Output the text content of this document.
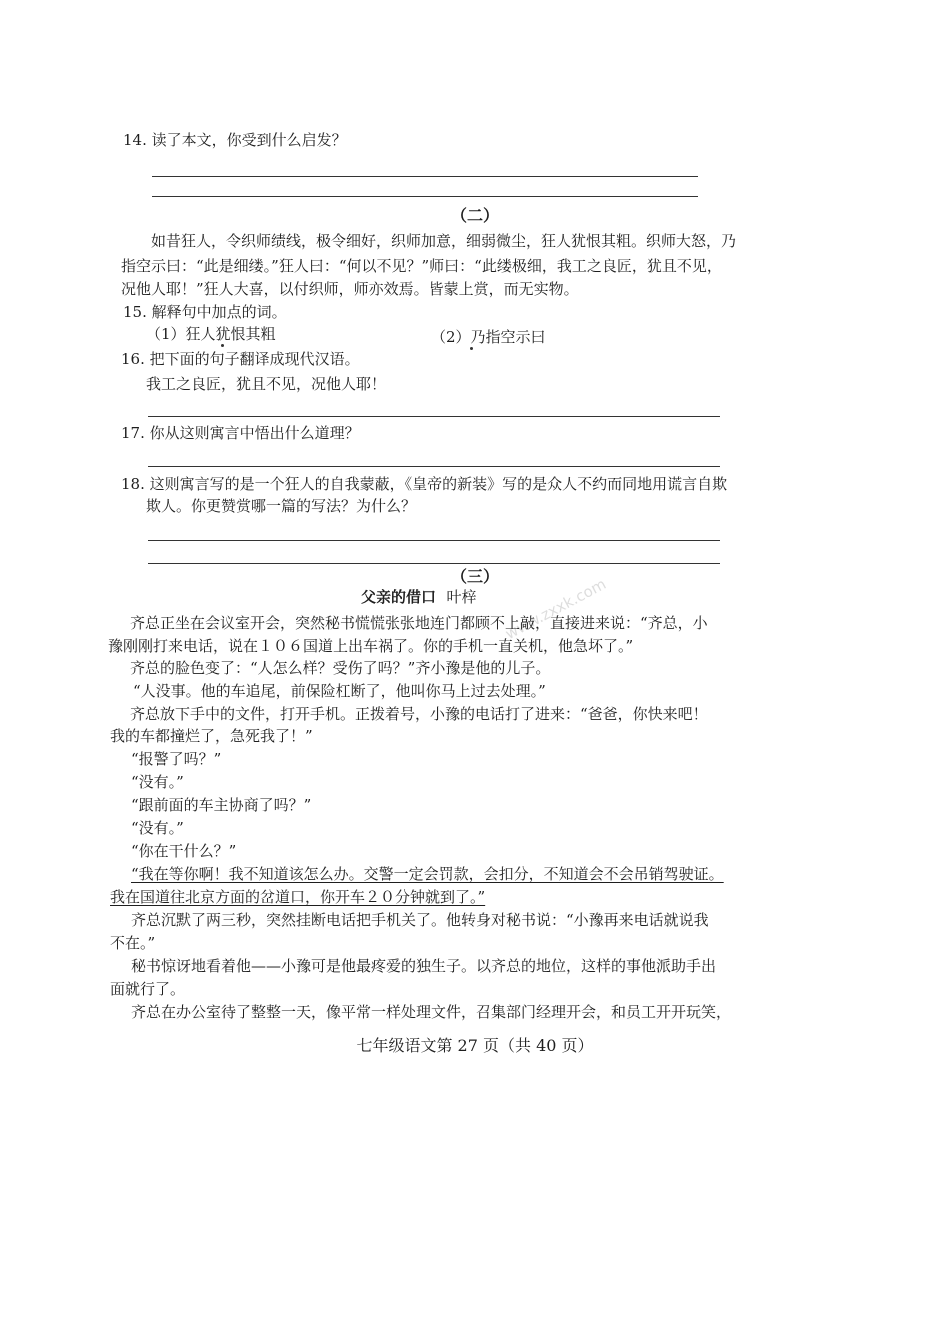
www.zxxk.com
14. 读了本文，你受到什么启发？
（二）
如昔狂人，令织师绩线，极令细好，织师加意，细弱微尘，狂人犹恨其粗。织师大怒，乃
指空示曰：“此是细缕。”狂人曰：“何以不见？”师曰：“此缕极细，我工之良匠，犹且不见，
况他人耶！”狂人大喜，以付织师，师亦效焉。皆蒙上赏，而无实物。
15. 解释句中加点的词。
（1）狂人犹恨其粗	（2）乃指空示曰
16. 把下面的句子翻译成现代汉语。
我工之良匠，犹且不见，况他人耶！
17. 你从这则寓言中悟出什么道理？
18. 这则寓言写的是一个狂人的自我蒙蔽，《皇帝的新装》写的是众人不约而同地用谎言自欺
欺人。你更赞赏哪一篇的写法？为什么？
（三）
父亲的借口 叶梓
齐总正坐在会议室开会，突然秘书慌慌张张地连门都顾不上敲，直接进来说：“齐总，小
豫刚刚打来电话，说在１０６国道上出车祸了。你的手机一直关机，他急坏了。”
齐总的脸色变了：“人怎么样？受伤了吗？”齐小豫是他的儿子。
“人没事。他的车追尾，前保险杠断了，他叫你马上过去处理。”
齐总放下手中的文件，打开手机。正拨着号，小豫的电话打了进来：“爸爸，你快来吧！
我的车都撞烂了，急死我了！”
“报警了吗？”
“没有。”
“跟前面的车主协商了吗？”
“没有。”
“你在干什么？”
“我在等你啊！我不知道该怎么办。交警一定会罚款，会扣分，不知道会不会吊销驾驶证。
我在国道往北京方面的岔道口，你开车２０分钟就到了。”
齐总沉默了两三秒，突然挂断电话把手机关了。他转身对秘书说：“小豫再来电话就说我
不在。”
秘书惊讶地看着他——小豫可是他最疼爱的独生子。以齐总的地位，这样的事他派助手出
面就行了。
齐总在办公室待了整整一天，像平常一样处理文件，召集部门经理开会，和员工开开玩笑，
七年级语文第 27 页（共 40 页）
